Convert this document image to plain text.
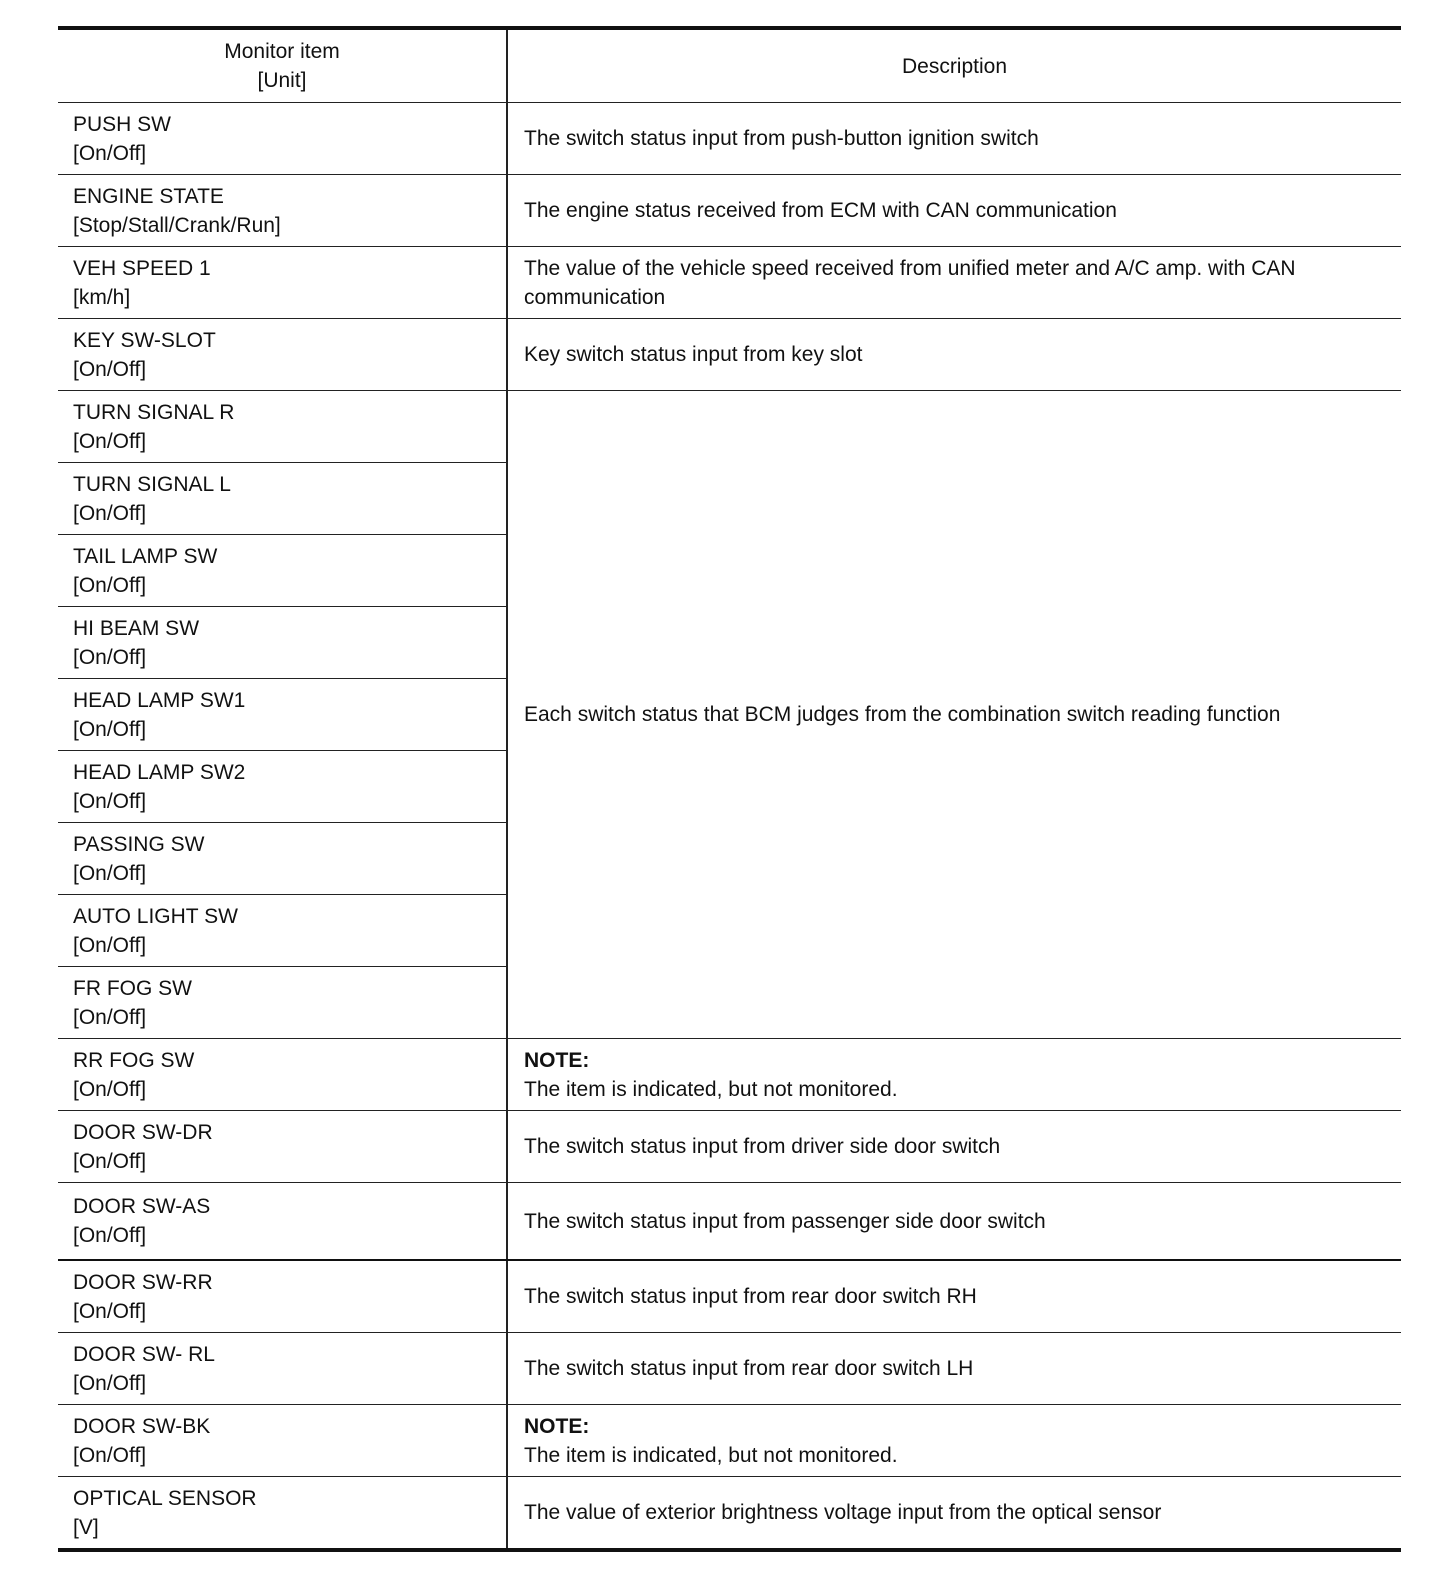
Monitor item
[Unit]	Description

PUSH SW
[On/Off]	The switch status input from push-button ignition switch

ENGINE STATE
[Stop/Stall/Crank/Run]	The engine status received from ECM with CAN communication

VEH SPEED 1
[km/h]	The value of the vehicle speed received from unified meter and A/C amp. with CAN communication

KEY SW-SLOT
[On/Off]	Key switch status input from key slot

TURN SIGNAL R
[On/Off]	Each switch status that BCM judges from the combination switch reading function

TURN SIGNAL L
[On/Off]	

TAIL LAMP SW
[On/Off]	

HI BEAM SW
[On/Off]	

HEAD LAMP SW1
[On/Off]	

HEAD LAMP SW2
[On/Off]	

PASSING SW
[On/Off]	

AUTO LIGHT SW
[On/Off]	

FR FOG SW
[On/Off]	

RR FOG SW
[On/Off]	NOTE:
The item is indicated, but not monitored.

DOOR SW-DR
[On/Off]	The switch status input from driver side door switch

DOOR SW-AS
[On/Off]	The switch status input from passenger side door switch

DOOR SW-RR
[On/Off]	The switch status input from rear door switch RH

DOOR SW- RL
[On/Off]	The switch status input from rear door switch LH

DOOR SW-BK
[On/Off]	NOTE:
The item is indicated, but not monitored.

OPTICAL SENSOR
[V]	The value of exterior brightness voltage input from the optical sensor
